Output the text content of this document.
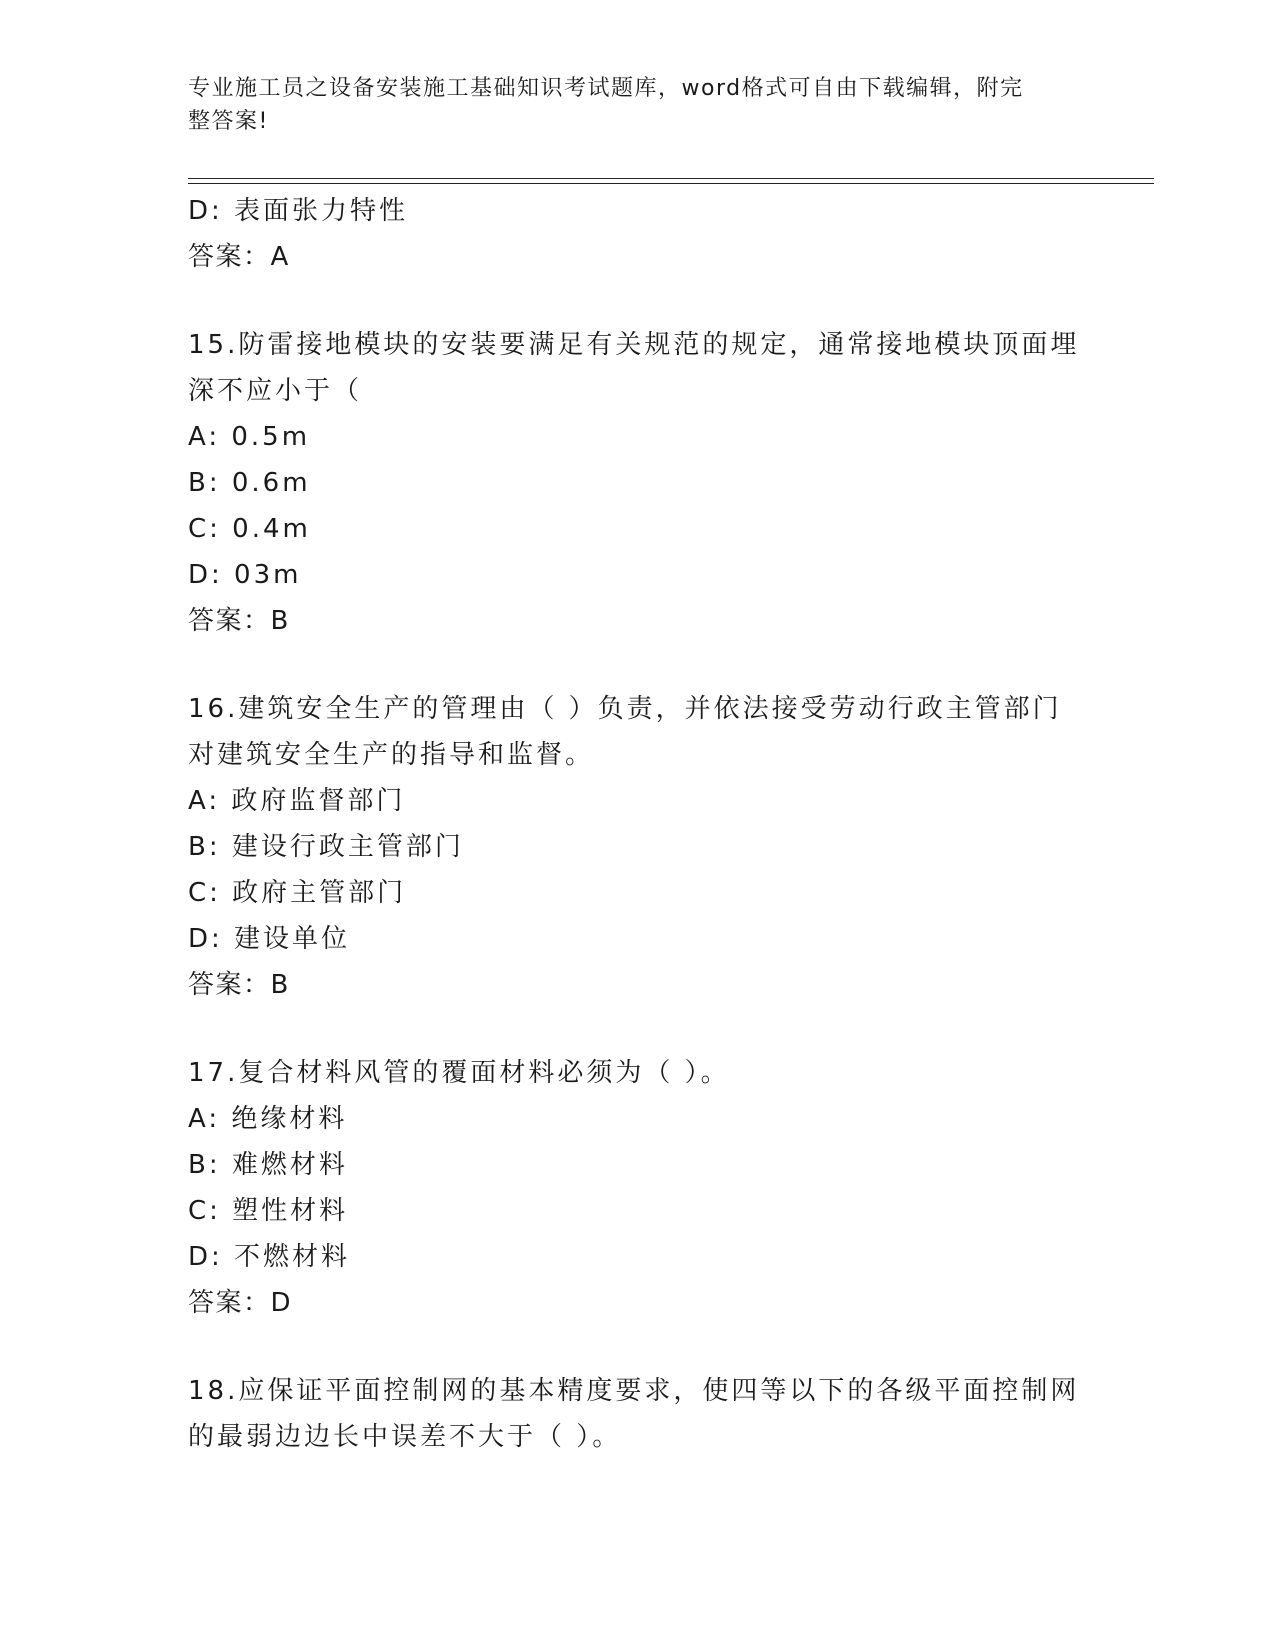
专业施工员之设备安装施工基础知识考试题库，word格式可自由下载编辑，附完
整答案!
D: 表面张力特性
答案：A
15.防雷接地模块的安装要满足有关规范的规定，通常接地模块顶面埋
深不应小于（
A: 0.5m
B: 0.6m
C: 0.4m
D: 03m
答案：B
16.建筑安全生产的管理由（ ）负责，并依法接受劳动行政主管部门
对建筑安全生产的指导和监督。
A: 政府监督部门
B: 建设行政主管部门
C: 政府主管部门
D: 建设单位
答案：B
17.复合材料风管的覆面材料必须为（ ）。
A: 绝缘材料
B: 难燃材料
C: 塑性材料
D: 不燃材料
答案：D
18.应保证平面控制网的基本精度要求，使四等以下的各级平面控制网
的最弱边边长中误差不大于（ ）。
